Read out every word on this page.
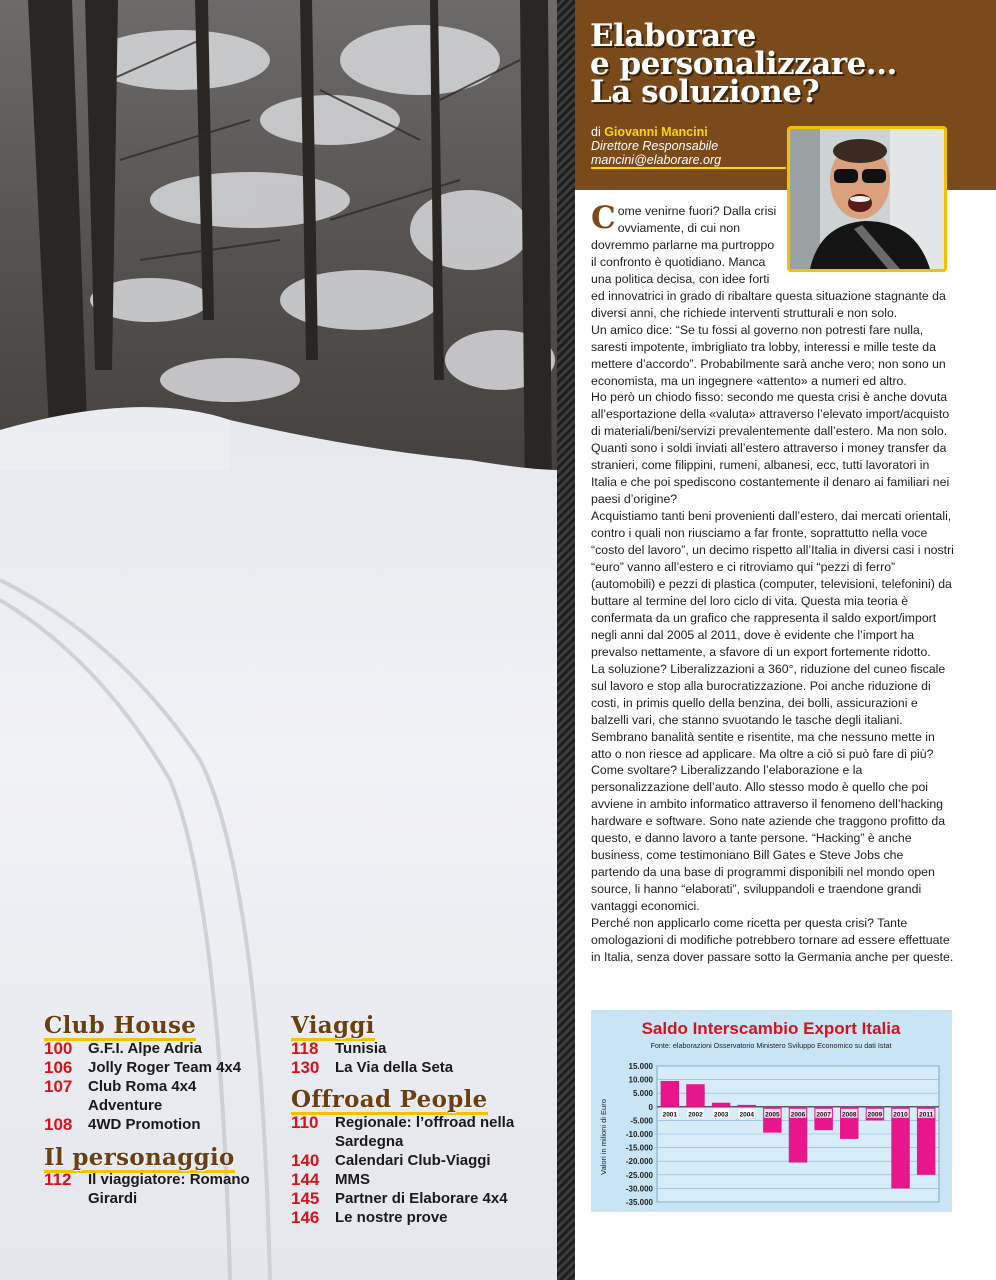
Club House
100	G.F.I. Alpe Adria
106	Jolly Roger Team 4x4
107	Club Roma 4x4 Adventure
108	4WD Promotion
Il personaggio
112	Il viaggiatore: Romano Girardi
Viaggi
118	Tunisia
130	La Via della Seta
Offroad People
110	Regionale: l’offroad nella Sardegna
140	Calendari Club-Viaggi
144	MMS
145	Partner di Elaborare 4x4
146	Le nostre prove
Elaborare
e personalizzare...
La soluzione?
di Giovanni Mancini
Direttore Responsabile
mancini@elaborare.org

Come venirne fuori? Dalla crisi ovviamente, di cui non dovremmo parlarne ma purtroppo il confronto è quotidiano. Manca una politica decisa, con idee forti ed innovatrici in grado di ribaltare questa situazione stagnante da diversi anni, che richiede interventi strutturali e non solo.

Un amico dice: “Se tu fossi al governo non potresti fare nulla, saresti impotente, imbrigliato tra lobby, interessi e mille teste da mettere d’accordo”. Probabilmente sarà anche vero; non sono un economista, ma un ingegnere «attento» a numeri ed altro.

Ho però un chiodo fisso: secondo me questa crisi è anche dovuta all’esportazione della «valuta» attraverso l’elevato import/acquisto di materiali/beni/servizi prevalentemente dall’estero. Ma non solo. Quanti sono i soldi inviati all’estero attraverso i money transfer da stranieri, come filippini, rumeni, albanesi, ecc, tutti lavoratori in Italia e che poi spediscono costantemente il denaro ai familiari nei paesi d’origine?

Acquistiamo tanti beni provenienti dall’estero, dai mercati orientali, contro i quali non riusciamo a far fronte, soprattutto nella voce “costo del lavoro”, un decimo rispetto all’Italia in diversi casi i nostri “euro” vanno all’estero e ci ritroviamo qui “pezzi di ferro” (automobili) e pezzi di plastica (computer, televisioni, telefonini) da buttare al termine del loro ciclo di vita. Questa mia teoria è confermata da un grafico che rappresenta il saldo export/import negli anni dal 2005 al 2011, dove è evidente che l’import ha prevalso nettamente, a sfavore di un export fortemente ridotto.

La soluzione? Liberalizzazioni a 360°, riduzione del cuneo fiscale sul lavoro e stop alla burocratizzazione. Poi anche riduzione di costi, in primis quello della benzina, dei bolli, assicurazioni e balzelli vari, che stanno svuotando le tasche degli italiani. Sembrano banalità sentite e risentite, ma che nessuno mette in atto o non riesce ad applicare. Ma oltre a ciò si può fare di più? Come svoltare? Liberalizzando l’elaborazione e la personalizzazione dell’auto. Allo stesso modo è quello che poi avviene in ambito informatico attraverso il fenomeno dell’hacking hardware e software. Sono nate aziende che traggono profitto da questo, e danno lavoro a tante persone. “Hacking” è anche business, come testimoniano Bill Gates e Steve Jobs che partendo da una base di programmi disponibili nel mondo open source, li hanno “elaborati”, sviluppandoli e traendone grandi vantaggi economici.

Perché non applicarlo come ricetta per questa crisi? Tante omologazioni di modifiche potrebbero tornare ad essere effettuate in Italia, senza dover passare sotto la Germania anche per queste.

Saldo Interscambio Export Italia
Fonte: elaborazioni Osservatorio Ministero Sviluppo Economico su dati Istat
Valori in milioni di Euro
15.000
10.000
5.000
0
-5.000
-10.000
-15.000
-20.000
-25.000
-30.000
-35.000
2001 2002 2003 2004 2005 2006 2007 2008 2009 2010 2011
